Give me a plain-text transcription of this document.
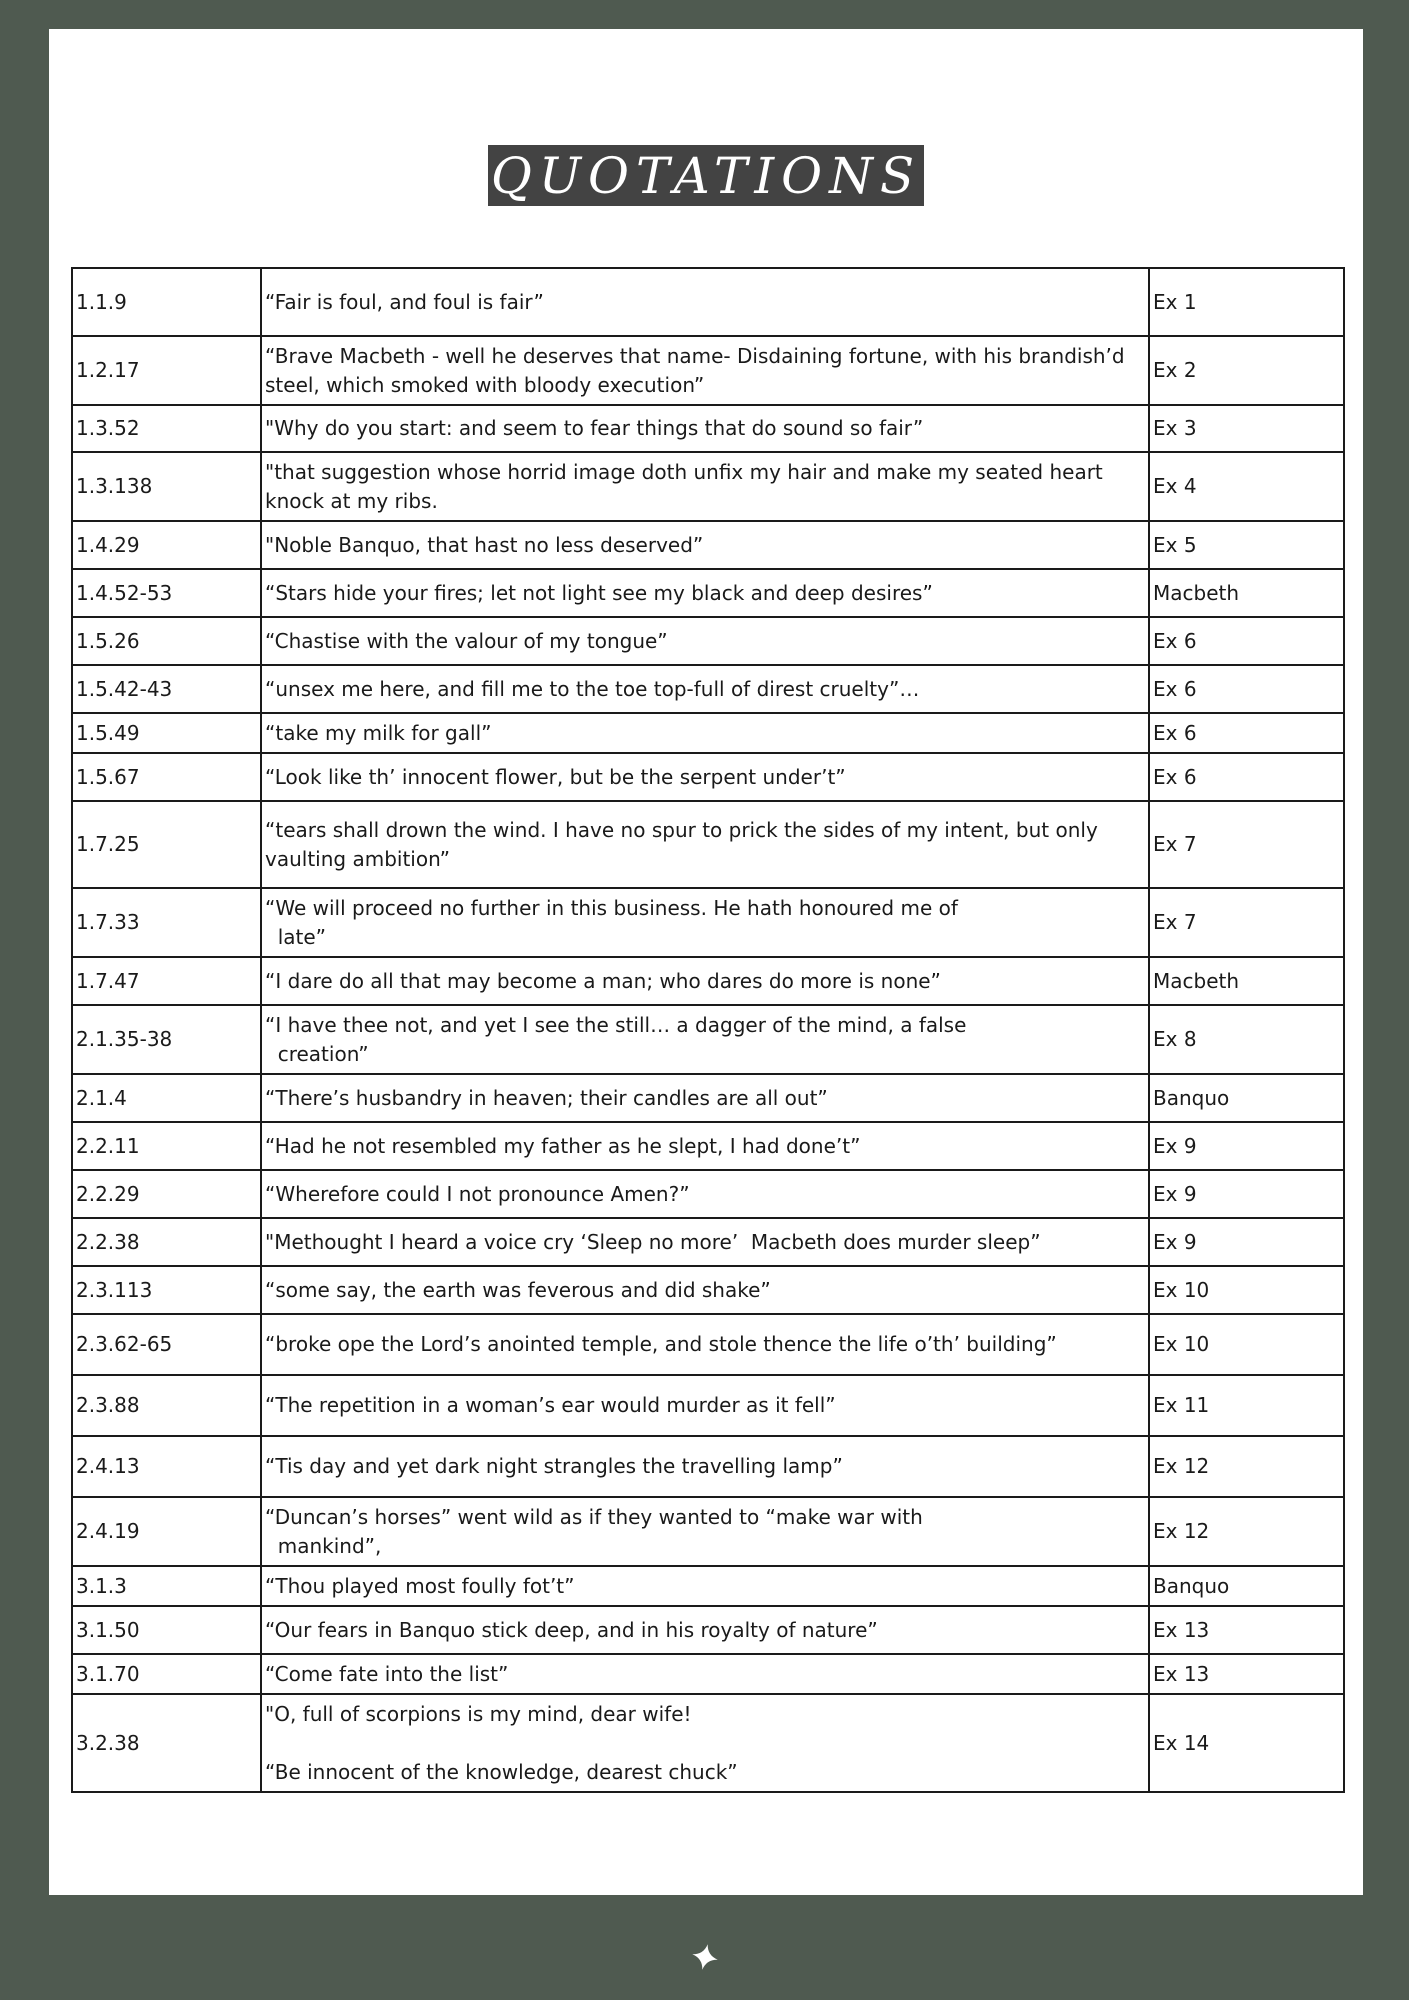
QUOTATIONS
1.1.9	“Fair is foul, and foul is fair”	Ex 1
1.2.17	“Brave Macbeth - well he deserves that name- Disdaining fortune, with his brandish’d steel, which smoked with bloody execution”	Ex 2
1.3.52	"Why do you start: and seem to fear things that do sound so fair”	Ex 3
1.3.138	"that suggestion whose horrid image doth unfix my hair and make my seated heart knock at my ribs.	Ex 4
1.4.29	"Noble Banquo, that hast no less deserved”	Ex 5
1.4.52-53	“Stars hide your fires; let not light see my black and deep desires”	Macbeth
1.5.26	“Chastise with the valour of my tongue”	Ex 6
1.5.42-43	“unsex me here, and fill me to the toe top-full of direst cruelty”…	Ex 6
1.5.49	“take my milk for gall”	Ex 6
1.5.67	“Look like th’ innocent flower, but be the serpent under’t”	Ex 6
1.7.25	“tears shall drown the wind. I have no spur to prick the sides of my intent, but only vaulting ambition”	Ex 7
1.7.33	“We will proceed no further in this business. He hath honoured me of
late”	Ex 7
1.7.47	“I dare do all that may become a man; who dares do more is none”	Macbeth
2.1.35-38	“I have thee not, and yet I see the still… a dagger of the mind, a false
creation”	Ex 8
2.1.4	“There’s husbandry in heaven; their candles are all out”	Banquo
2.2.11	“Had he not resembled my father as he slept, I had done’t”	Ex 9
2.2.29	“Wherefore could I not pronounce Amen?”	Ex 9
2.2.38	"Methought I heard a voice cry ‘Sleep no more’  Macbeth does murder sleep”	Ex 9
2.3.113	“some say, the earth was feverous and did shake”	Ex 10
2.3.62-65	“broke ope the Lord’s anointed temple, and stole thence the life o’th’ building”	Ex 10
2.3.88	“The repetition in a woman’s ear would murder as it fell”	Ex 11
2.4.13	“Tis day and yet dark night strangles the travelling lamp”	Ex 12
2.4.19	“Duncan’s horses” went wild as if they wanted to “make war with
mankind”,	Ex 12
3.1.3	“Thou played most foully fot’t”	Banquo
3.1.50	“Our fears in Banquo stick deep, and in his royalty of nature”	Ex 13
3.1.70	“Come fate into the list”	Ex 13
3.2.38	"O, full of scorpions is my mind, dear wife!
“Be innocent of the knowledge, dearest chuck”	Ex 14
